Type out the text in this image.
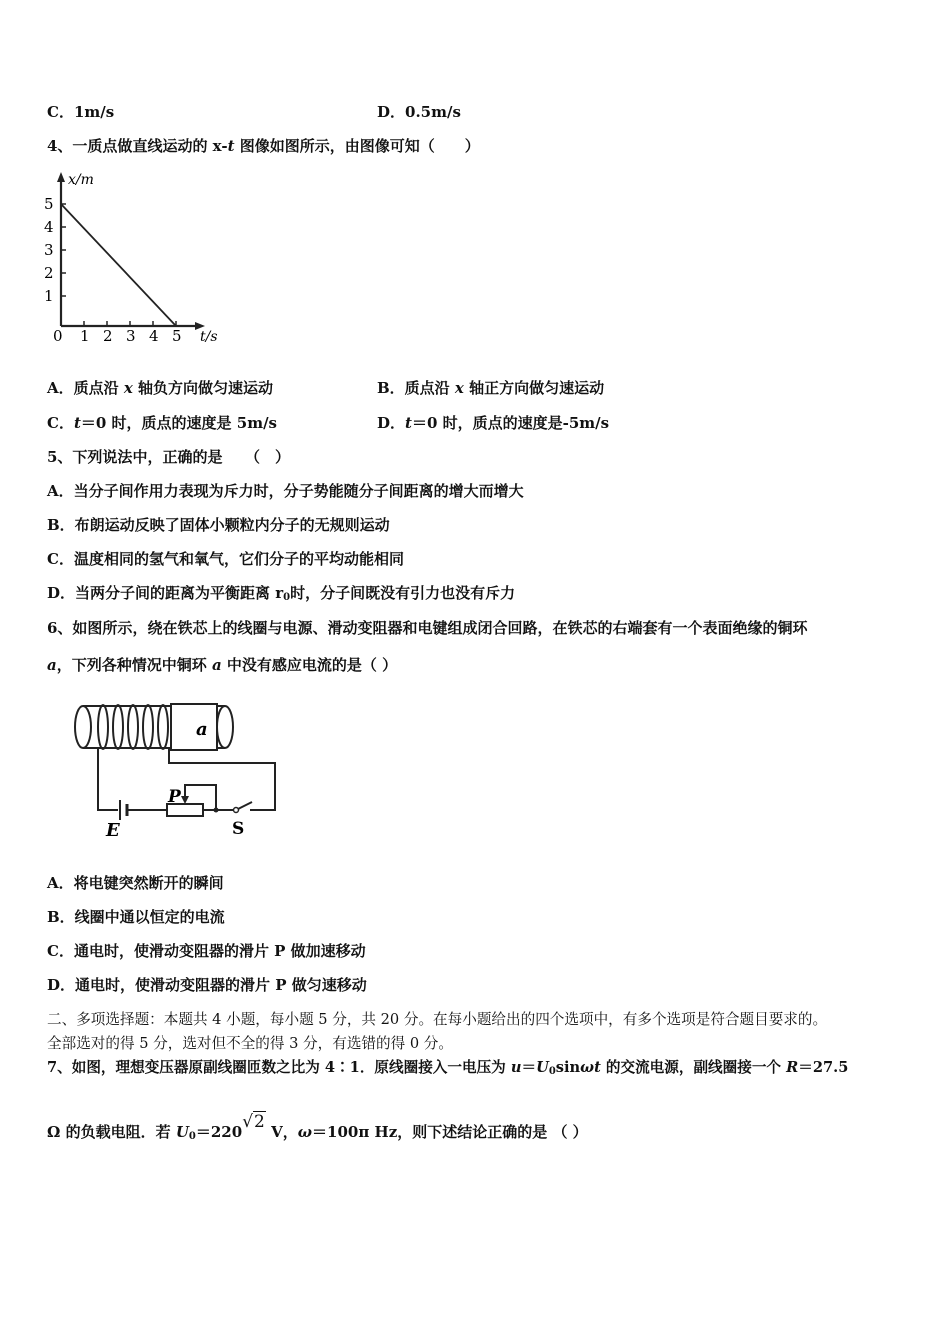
C．1m/s	D．0.5m/s
4、一质点做直线运动的 x-t 图像如图所示，由图像可知（　　）
x/m
t/s
1
2
3
4
5
0 1 2 3 4 5
A．质点沿 x 轴负方向做匀速运动	B．质点沿 x 轴正方向做匀速运动
C．t＝0 时，质点的速度是 5m/s	D．t＝0 时，质点的速度是-5m/s
5、下列说法中，正确的是　　（　）
A．当分子间作用力表现为斥力时，分子势能随分子间距离的增大而增大
B．布朗运动反映了固体小颗粒内分子的无规则运动
C．温度相同的氢气和氧气，它们分子的平均动能相同
D．当两分子间的距离为平衡距离 $r_0$时，分子间既没有引力也没有斥力
6、如图所示，绕在铁芯上的线圈与电源、滑动变阻器和电键组成闭合回路，在铁芯的右端套有一个表面绝缘的铜环
a，下列各种情况中铜环 a 中没有感应电流的是（ ）
a
E
P
S
A．将电键突然断开的瞬间
B．线圈中通以恒定的电流
C．通电时，使滑动变阻器的滑片 P 做加速移动
D．通电时，使滑动变阻器的滑片 P 做匀速移动
二、多项选择题：本题共 4 小题，每小题 5 分，共 20 分。在每小题给出的四个选项中，有多个选项是符合题目要求的。
全部选对的得 5 分，选对但不全的得 3 分，有选错的得 0 分。
7、如图，理想变压器原副线圈匝数之比为 4∶1．原线圈接入一电压为 $u=U_0\sin\omega t$ 的交流电源，副线圈接一个 R＝27.5
Ω 的负载电阻．若 $U_0=220√2$ V，ω＝100π Hz，则下述结论正确的是 （ ）
